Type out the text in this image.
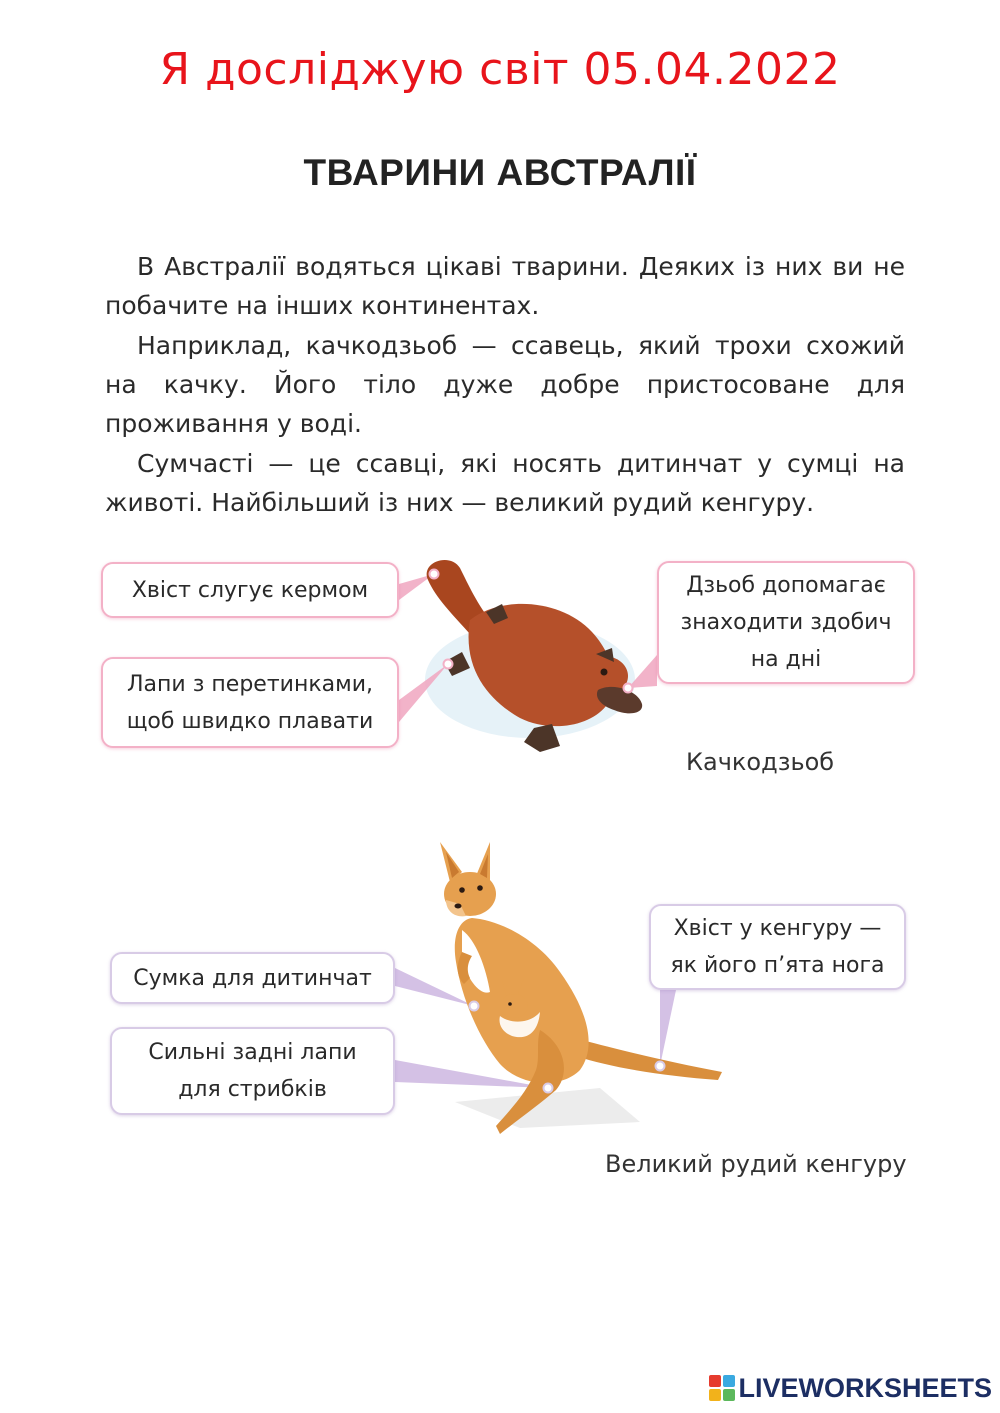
Я досліджую світ 05.04.2022
ТВАРИНИ АВСТРАЛІЇ

В Австралії водяться цікаві тварини. Деяких із них ви не побачите на інших континентах.

Наприклад, качкодзьоб — ссавець, який трохи схожий на качку. Його тіло дуже добре пристосоване для проживання у воді.

Сумчасті — це ссавці, які носять дитинчат у сумці на животі. Найбільший із них — великий рудий кенгуру.

Хвіст слугує кермом
Лапи з перетинками, щоб швидко плавати
Дзьоб допомагає знаходити здобич на дні
Качкодзьоб
Сумка для дитинчат
Сильні задні лапи для стрибків
Хвіст у кенгуру — як його п’ята нога
Великий рудий кенгуру
LIVEWORKSHEETS
